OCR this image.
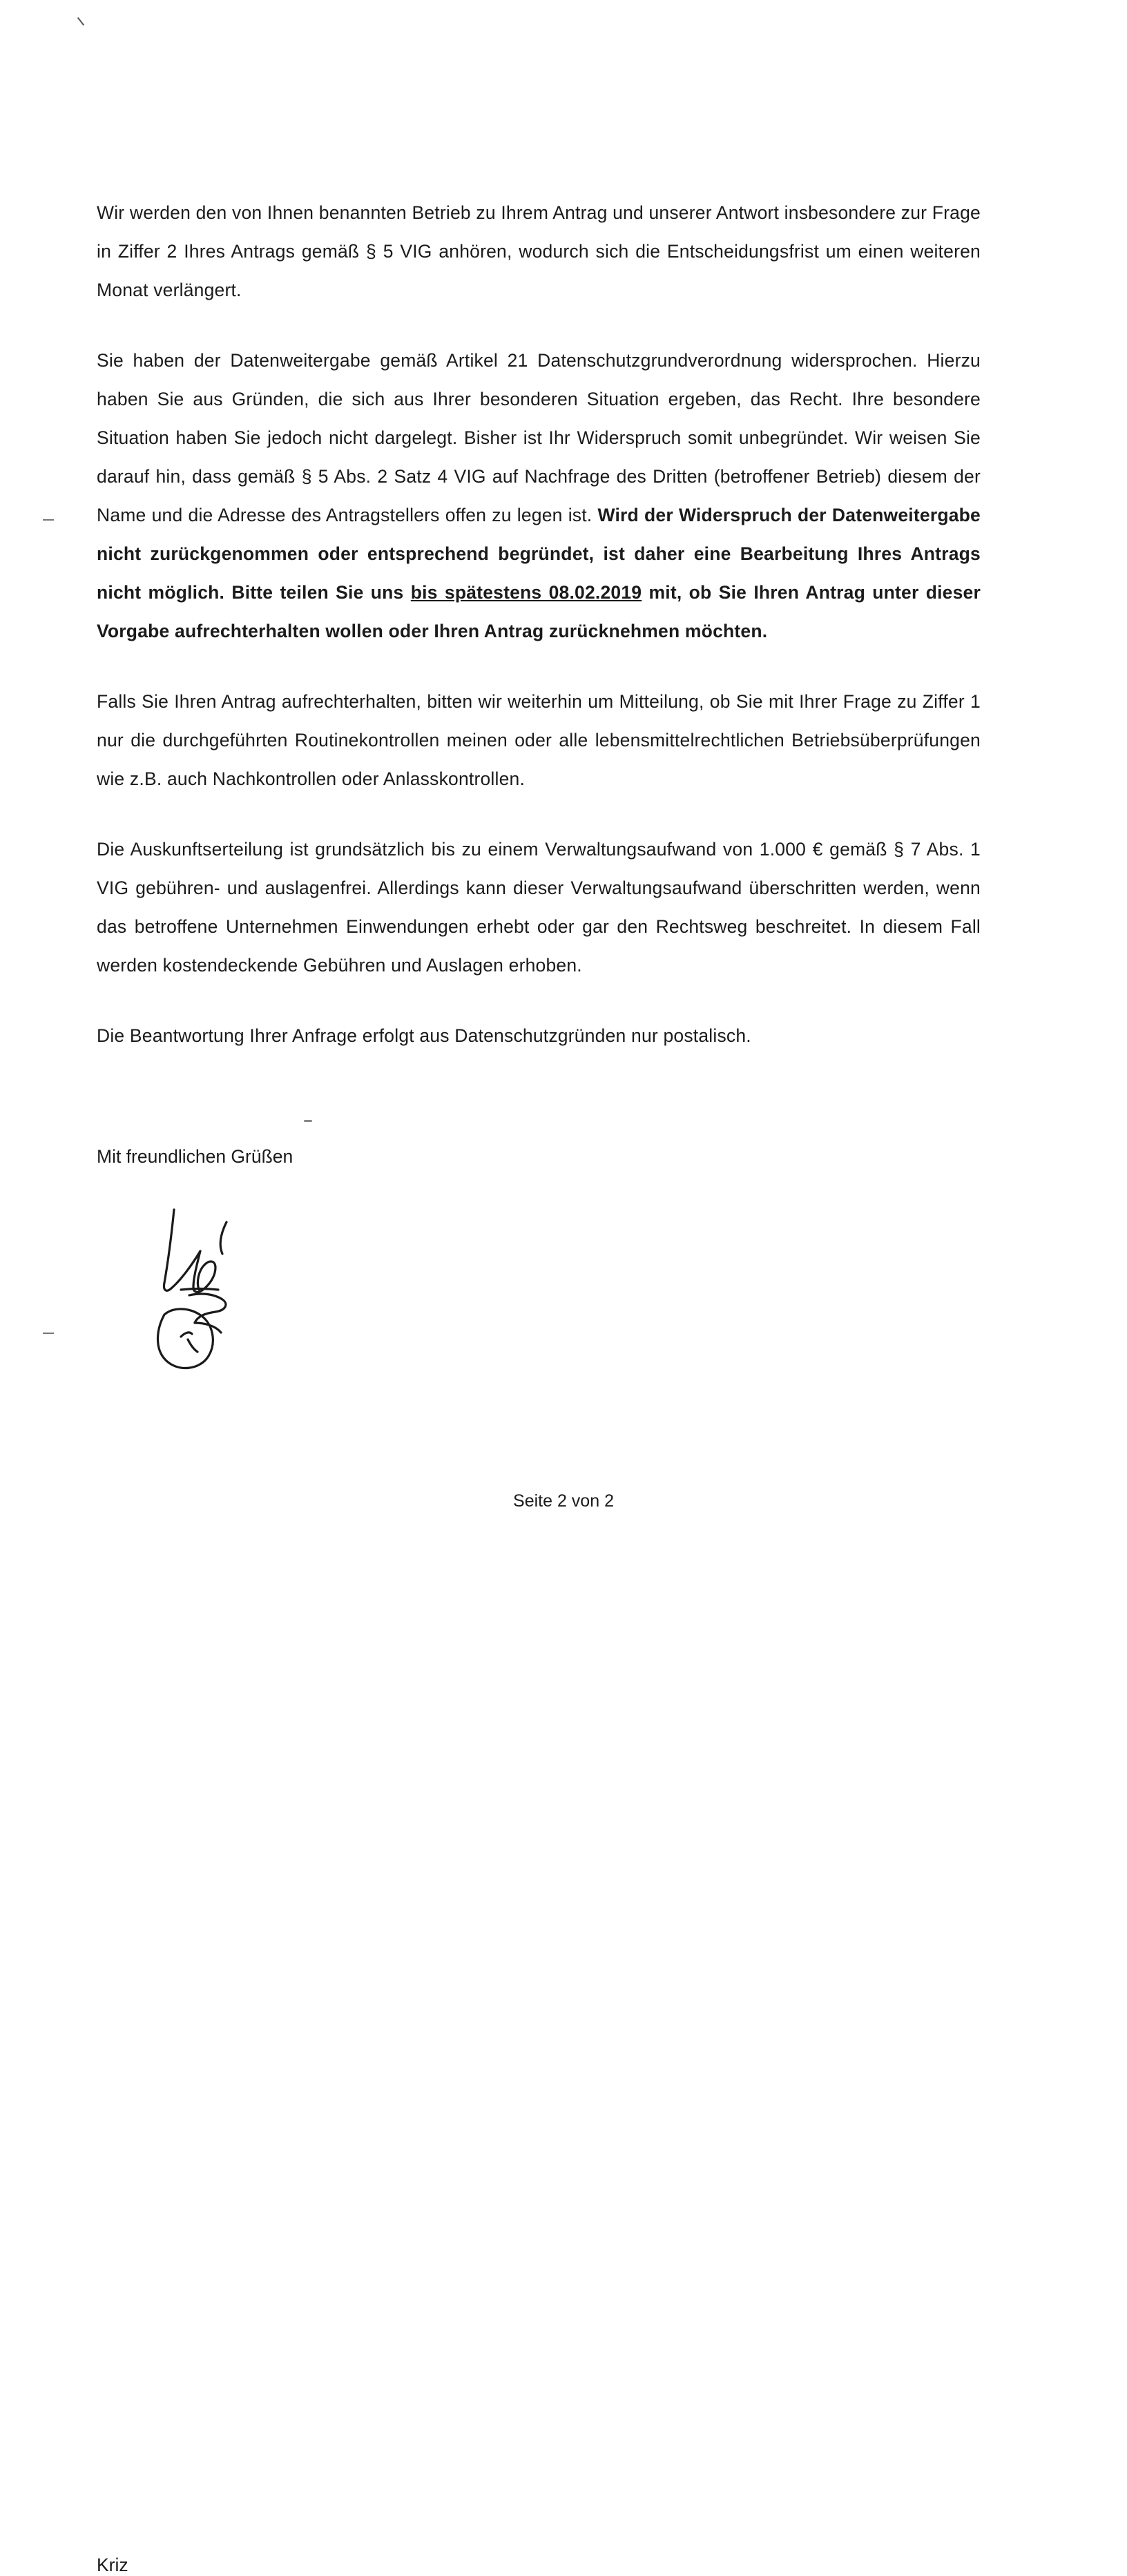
Wir werden den von Ihnen benannten Betrieb zu Ihrem Antrag und unserer Antwort insbesondere zur Frage in Ziffer 2 Ihres Antrags gemäß § 5 VIG anhören, wodurch sich die Entscheidungsfrist um einen weiteren Monat verlängert.

Sie haben der Datenweitergabe gemäß Artikel 21 Datenschutzgrundverordnung widersprochen. Hierzu haben Sie aus Gründen, die sich aus Ihrer besonderen Situation ergeben, das Recht. Ihre besondere Situation haben Sie jedoch nicht dargelegt. Bisher ist Ihr Widerspruch somit unbegründet. Wir weisen Sie darauf hin, dass gemäß § 5 Abs. 2 Satz 4 VIG auf Nachfrage des Dritten (betroffener Betrieb) diesem der Name und die Adresse des Antragstellers offen zu legen ist. Wird der Widerspruch der Datenweitergabe nicht zurückgenommen oder entsprechend begründet, ist daher eine Bearbeitung Ihres Antrags nicht möglich. Bitte teilen Sie uns bis spätestens 08.02.2019 mit, ob Sie Ihren Antrag unter dieser Vorgabe aufrechterhalten wollen oder Ihren Antrag zurücknehmen möchten.

Falls Sie Ihren Antrag aufrechterhalten, bitten wir weiterhin um Mitteilung, ob Sie mit Ihrer Frage zu Ziffer 1 nur die durchgeführten Routinekontrollen meinen oder alle lebensmittelrechtlichen Betriebsüberprüfungen wie z.B. auch Nachkontrollen oder Anlasskontrollen.

Die Auskunftserteilung ist grundsätzlich bis zu einem Verwaltungsaufwand von 1.000 € gemäß § 7 Abs. 1 VIG gebühren- und auslagenfrei. Allerdings kann dieser Verwaltungsaufwand überschritten werden, wenn das betroffene Unternehmen Einwendungen erhebt oder gar den Rechtsweg beschreitet. In diesem Fall werden kostendeckende Gebühren und Auslagen erhoben.

Die Beantwortung Ihrer Anfrage erfolgt aus Datenschutzgründen nur postalisch.

Mit freundlichen Grüßen
Kriz
Seite 2 von 2
